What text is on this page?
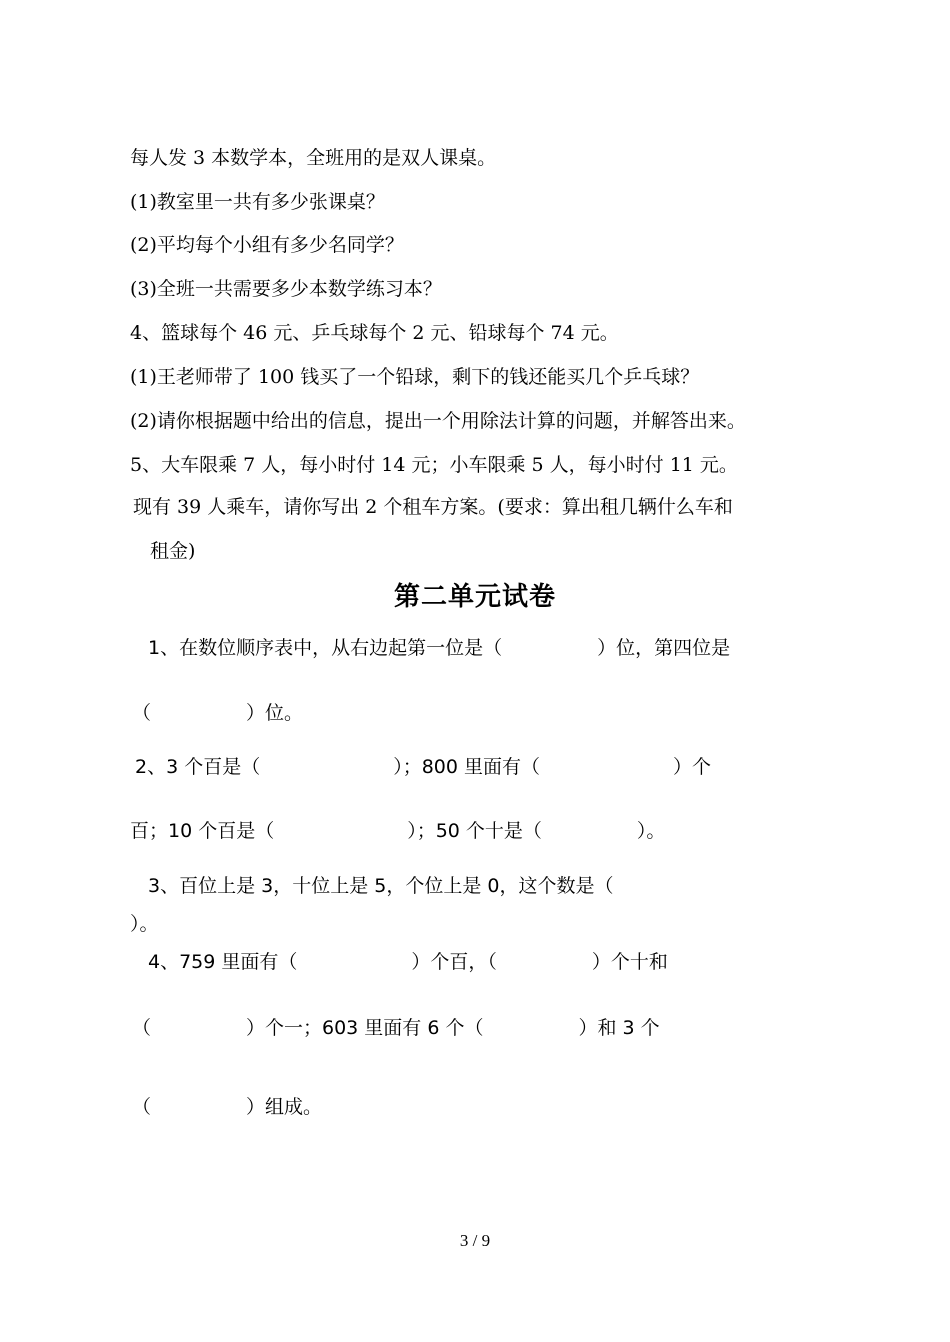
每人发 3 本数学本，全班用的是双人课桌。
(1)教室里一共有多少张课桌？
(2)平均每个小组有多少名同学？
(3)全班一共需要多少本数学练习本？
4、篮球每个 46 元、乒乓球每个 2 元、铅球每个 74 元。
(1)王老师带了 100 钱买了一个铅球，剩下的钱还能买几个乒乓球？
(2)请你根据题中给出的信息，提出一个用除法计算的问题，并解答出来。
5、大车限乘 7 人，每小时付 14 元；小车限乘 5 人，每小时付 11 元。
现有 39 人乘车，请你写出 2 个租车方案。(要求：算出租几辆什么车和
租金)
第二单元试卷
1、在数位顺序表中，从右边起第一位是（　　　　　）位，第四位是
（　　　　　）位。
2、3 个百是（　　　　　　　）；800 里面有（　　　　　　　）个
百；10 个百是（　　　　　　　）；50 个十是（　　　　　）。
3、百位上是 3，十位上是 5，个位上是 0，这个数是（
）。
4、759 里面有（　　　　　　）个百，（　　　　　）个十和
（　　　　　）个一；603 里面有 6 个（　　　　　）和 3 个
（　　　　　）组成。
3 / 9
